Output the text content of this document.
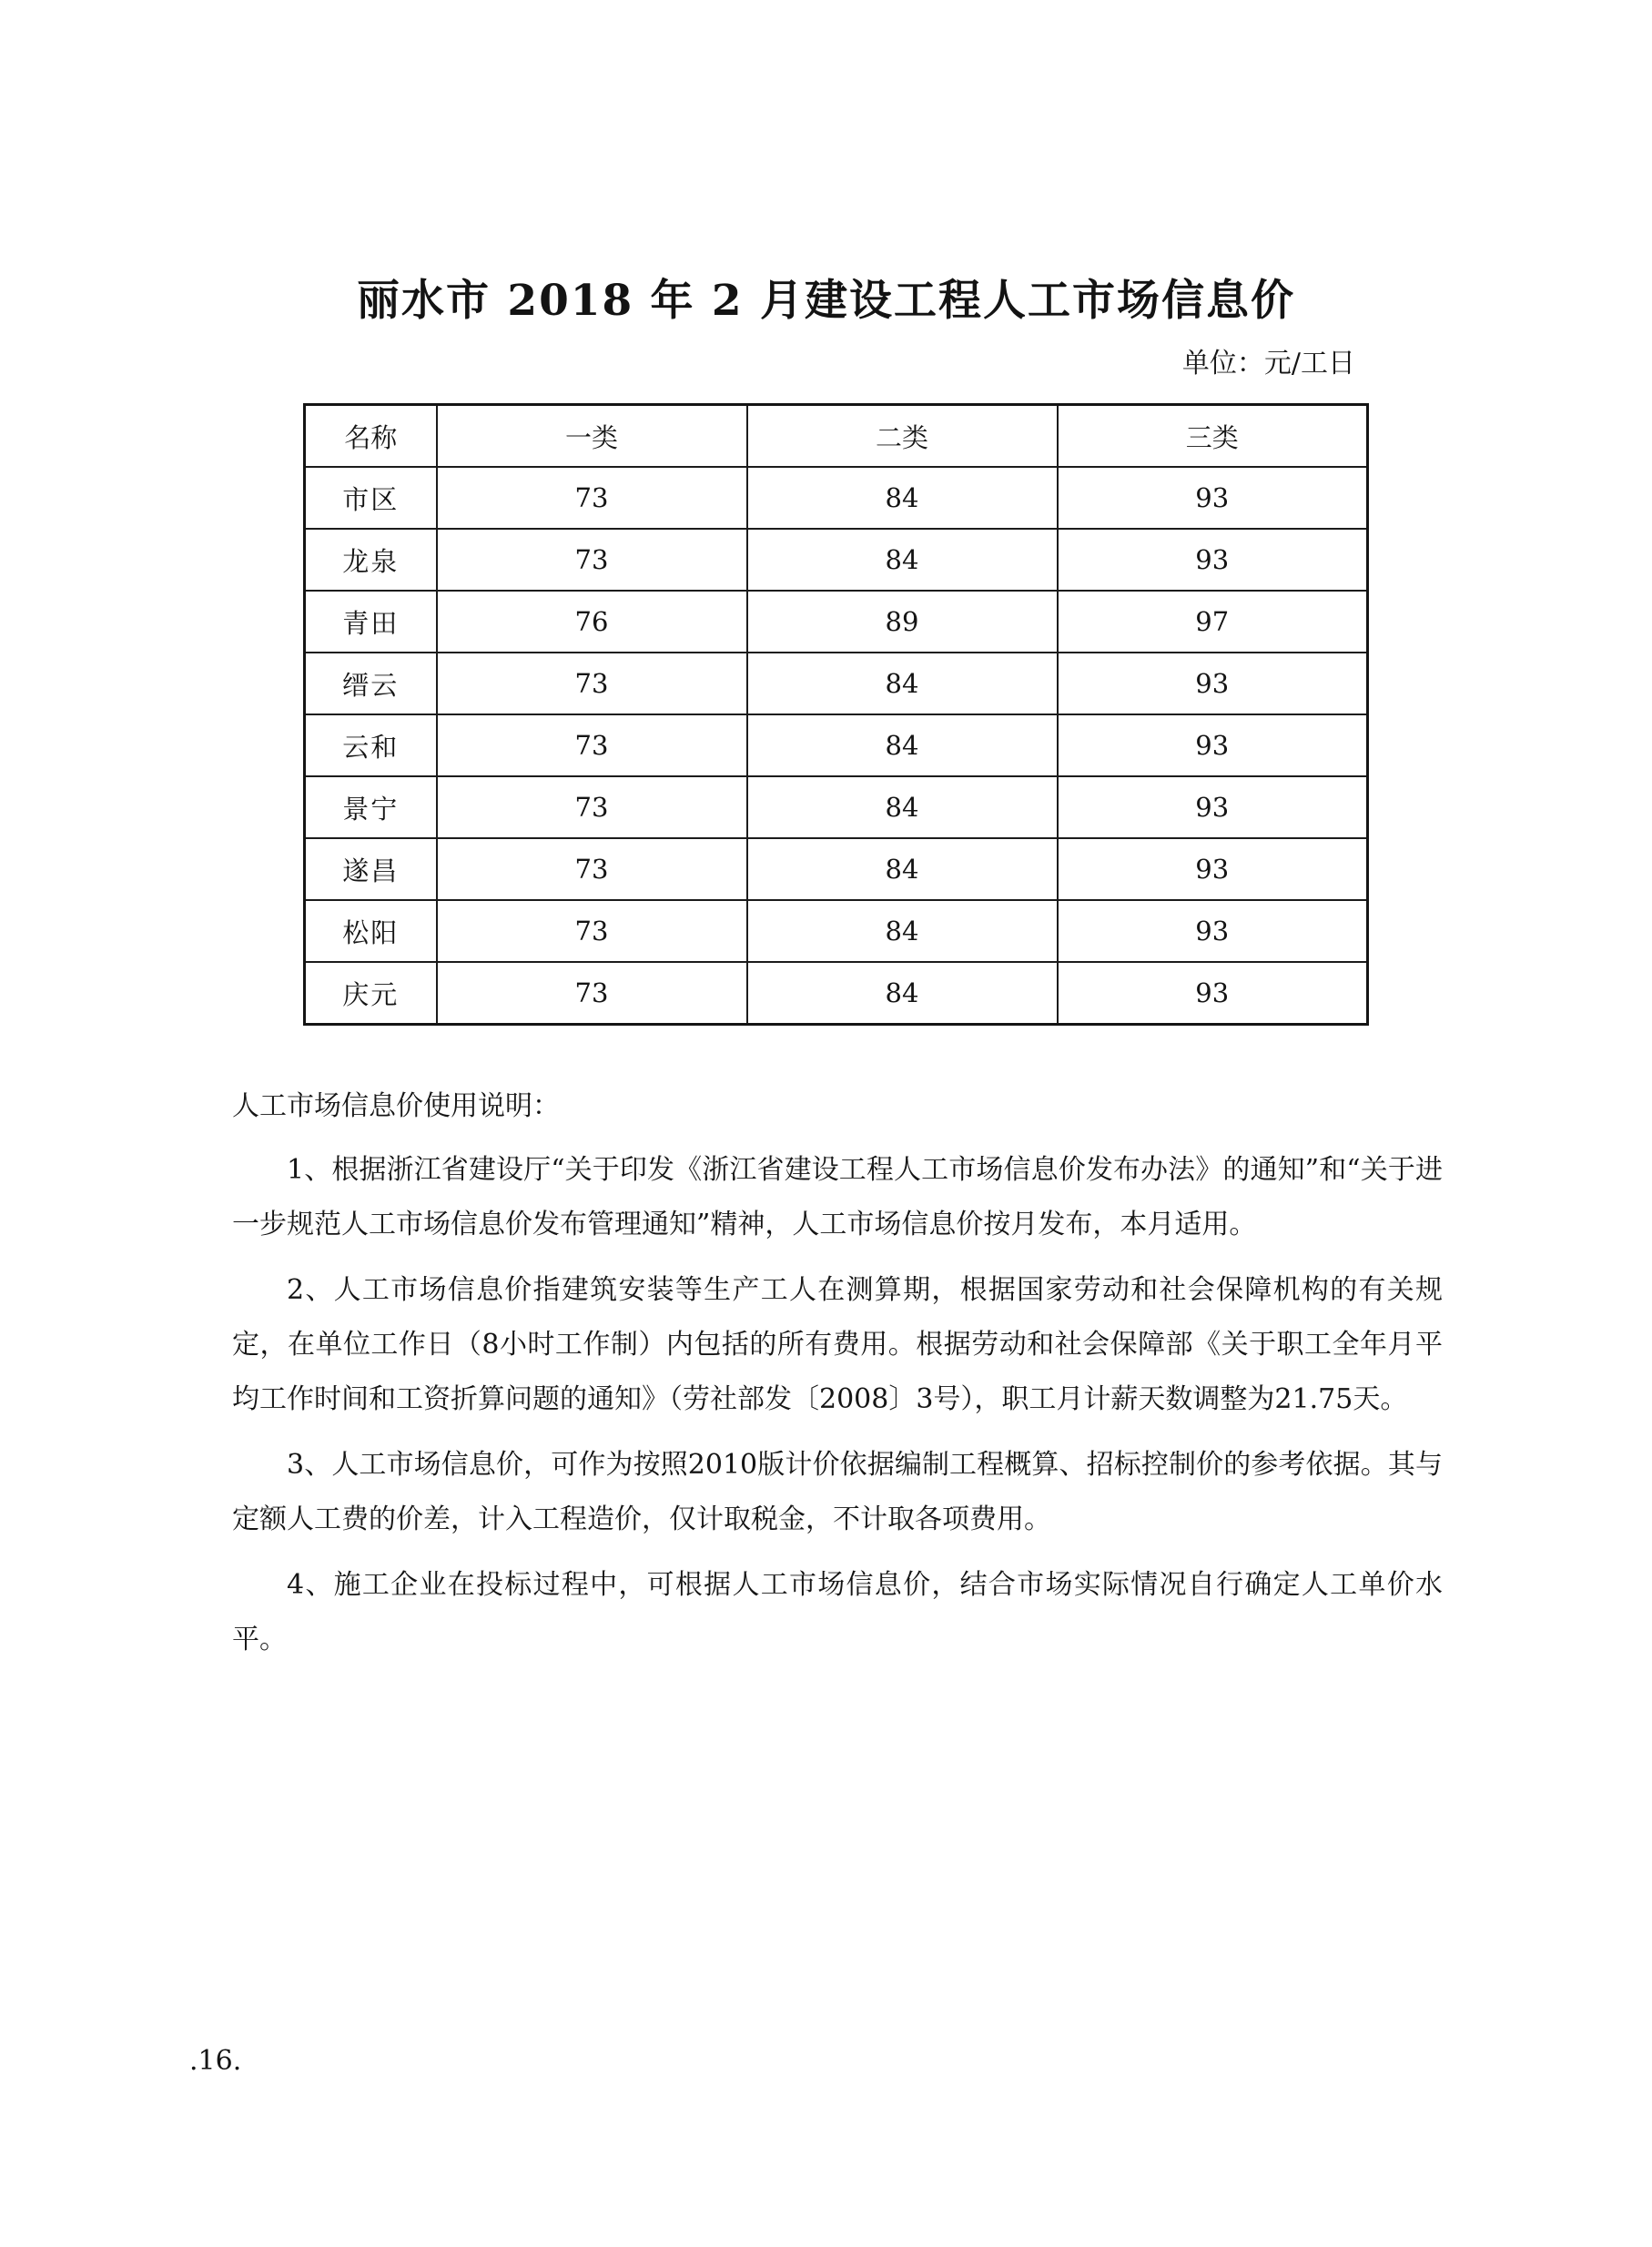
丽水市 2018 年 2 月建设工程人工市场信息价
单位：元/工日
名称	一类	二类	三类
市区	73	84	93
龙泉	73	84	93
青田	76	89	97
缙云	73	84	93
云和	73	84	93
景宁	73	84	93
遂昌	73	84	93
松阳	73	84	93
庆元	73	84	93

人工市场信息价使用说明：

1、根据浙江省建设厅“关于印发《浙江省建设工程人工市场信息价发布办法》的通知”和“关于进一步规范人工市场信息价发布管理通知”精神，人工市场信息价按月发布，本月适用。

2、人工市场信息价指建筑安装等生产工人在测算期，根据国家劳动和社会保障机构的有关规定，在单位工作日（8小时工作制）内包括的所有费用。根据劳动和社会保障部《关于职工全年月平均工作时间和工资折算问题的通知》（劳社部发〔2008〕3号），职工月计薪天数调整为21.75天。

3、人工市场信息价，可作为按照2010版计价依据编制工程概算、招标控制价的参考依据。其与定额人工费的价差，计入工程造价，仅计取税金，不计取各项费用。

4、施工企业在投标过程中，可根据人工市场信息价，结合市场实际情况自行确定人工单价水平。

.16.
